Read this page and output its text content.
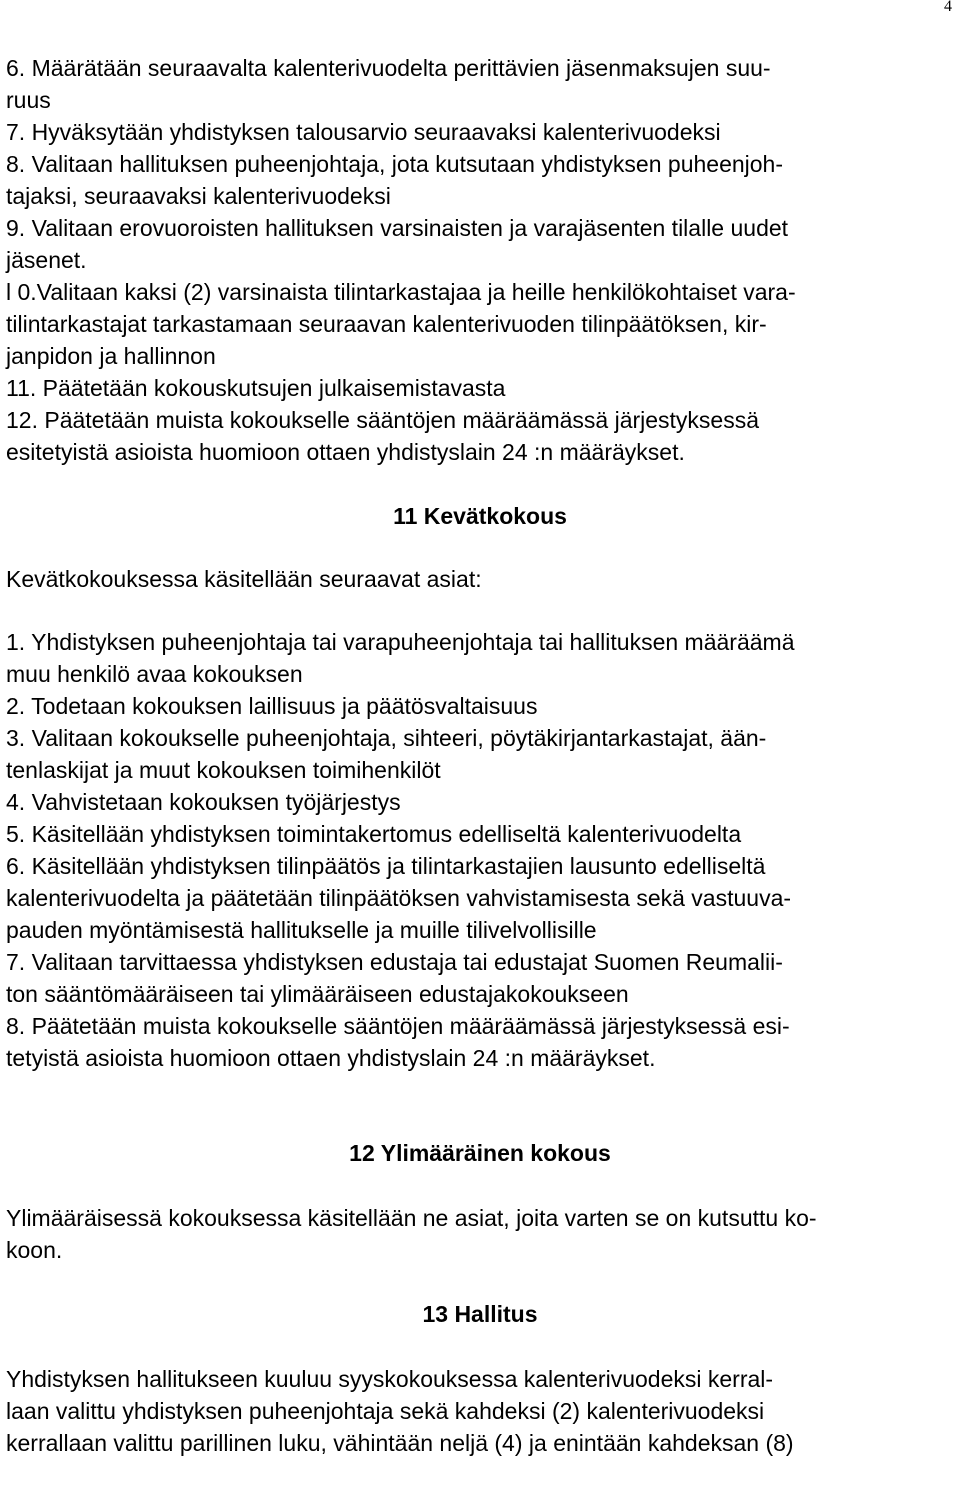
4
6. Määrätään seuraavalta kalenterivuodelta perittävien jäsenmaksujen suu-
ruus
7. Hyväksytään yhdistyksen talousarvio seuraavaksi kalenterivuodeksi
8. Valitaan hallituksen puheenjohtaja, jota kutsutaan yhdistyksen puheenjoh-
tajaksi, seuraavaksi kalenterivuodeksi
9. Valitaan erovuoroisten hallituksen varsinaisten ja varajäsenten tilalle uudet
jäsenet.
l 0.Valitaan kaksi (2) varsinaista tilintarkastajaa ja heille henkilökohtaiset vara-
tilintarkastajat tarkastamaan seuraavan kalenterivuoden tilinpäätöksen, kir-
janpidon ja hallinnon
11. Päätetään kokouskutsujen julkaisemistavasta
12. Päätetään muista kokoukselle sääntöjen määräämässä järjestyksessä
esitetyistä asioista huomioon ottaen yhdistyslain 24 :n määräykset.
11 Kevätkokous
Kevätkokouksessa käsitellään seuraavat asiat:
1. Yhdistyksen puheenjohtaja tai varapuheenjohtaja tai hallituksen määräämä
muu henkilö avaa kokouksen
2. Todetaan kokouksen laillisuus ja päätösvaltaisuus
3. Valitaan kokoukselle puheenjohtaja, sihteeri, pöytäkirjantarkastajat, ään-
tenlaskijat ja muut kokouksen toimihenkilöt
4. Vahvistetaan kokouksen työjärjestys
5. Käsitellään yhdistyksen toimintakertomus edelliseltä kalenterivuodelta
6. Käsitellään yhdistyksen tilinpäätös ja tilintarkastajien lausunto edelliseltä
kalenterivuodelta ja päätetään tilinpäätöksen vahvistamisesta sekä vastuuva-
pauden myöntämisestä hallitukselle ja muille tilivelvollisille
7. Valitaan tarvittaessa yhdistyksen edustaja tai edustajat Suomen Reumalii-
ton sääntömääräiseen tai ylimääräiseen edustajakokoukseen
8. Päätetään muista kokoukselle sääntöjen määräämässä järjestyksessä esi-
tetyistä asioista huomioon ottaen yhdistyslain 24 :n määräykset.
12 Ylimääräinen kokous
Ylimääräisessä kokouksessa käsitellään ne asiat, joita varten se on kutsuttu ko-
koon.
13 Hallitus
Yhdistyksen hallitukseen kuuluu syyskokouksessa kalenterivuodeksi kerral-
laan valittu yhdistyksen puheenjohtaja sekä kahdeksi (2) kalenterivuodeksi
kerrallaan valittu parillinen luku, vähintään neljä (4) ja enintään kahdeksan (8)
